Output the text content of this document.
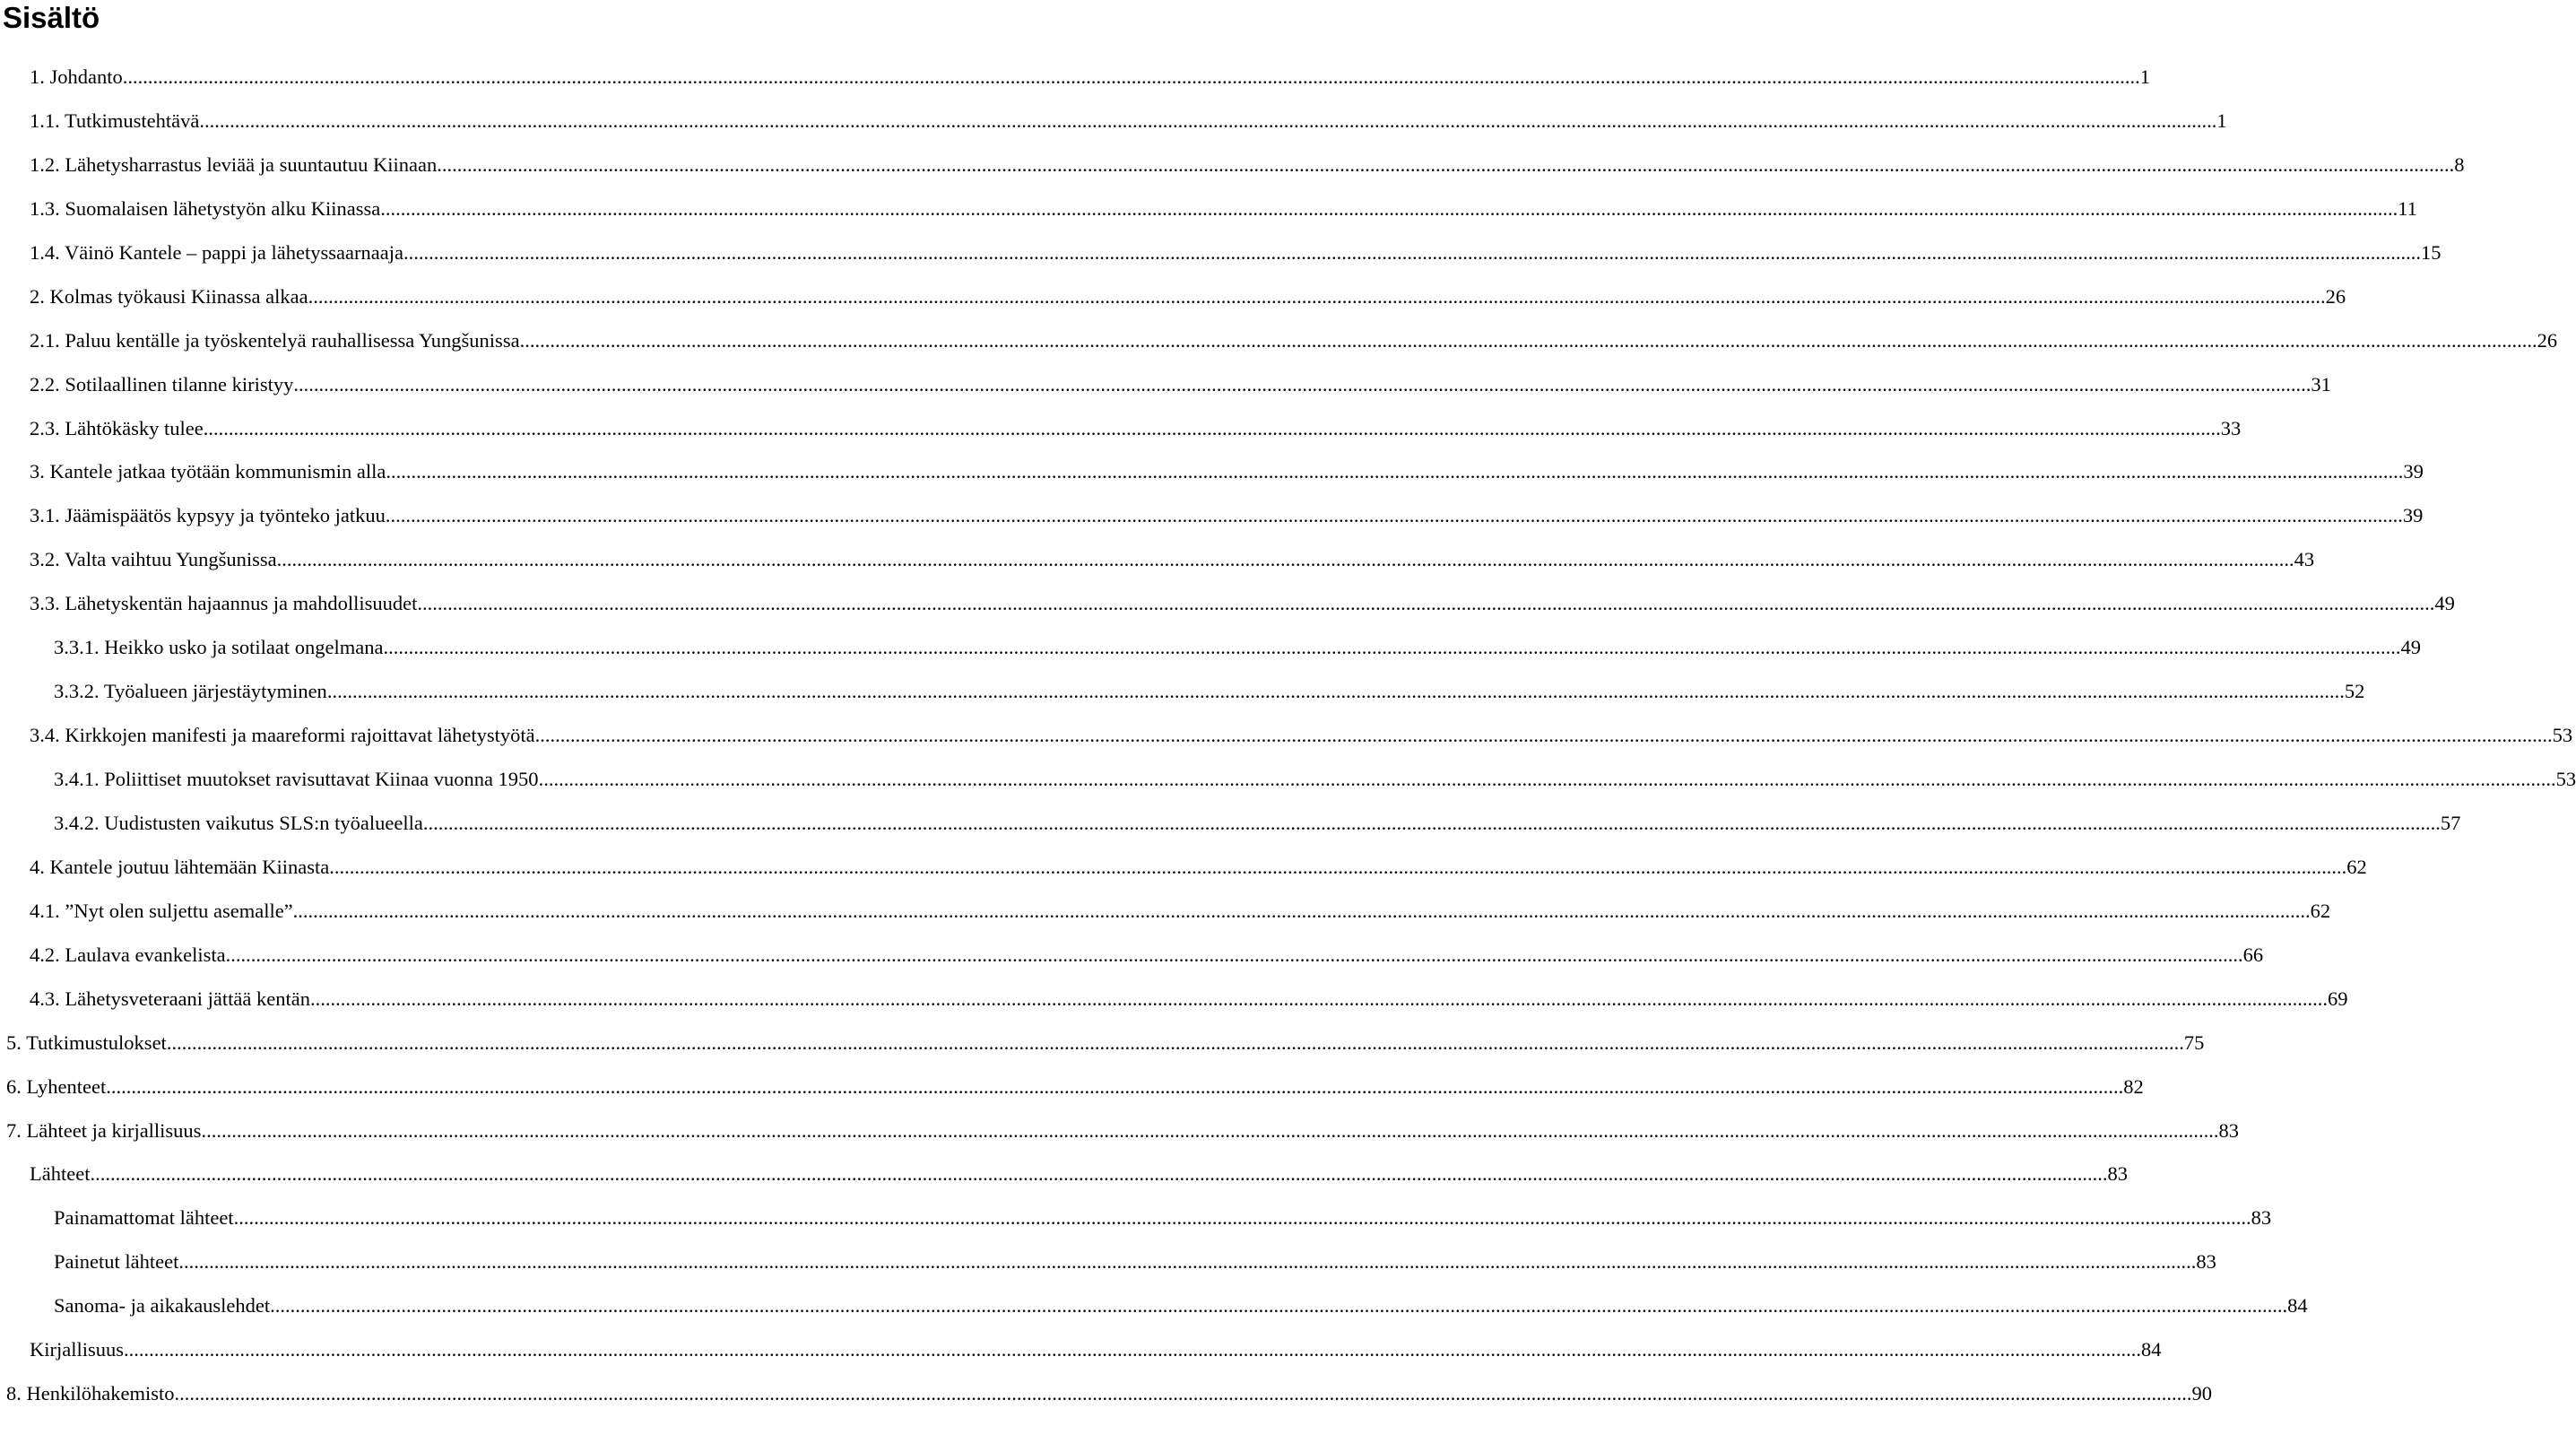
Sisältö
1. Johdanto ................................................................................................................................................................................................................................................................................................................................................................................................................ 1
1.1. Tutkimustehtävä ................................................................................................................................................................................................................................................................................................................................................................................................................ 1
1.2. Lähetysharrastus leviää ja suuntautuu Kiinaan ................................................................................................................................................................................................................................................................................................................................................................................................................ 8
1.3. Suomalaisen lähetystyön alku Kiinassa ................................................................................................................................................................................................................................................................................................................................................................................................................ 11
1.4. Väinö Kantele – pappi ja lähetyssaarnaaja ................................................................................................................................................................................................................................................................................................................................................................................................................ 15
2. Kolmas työkausi Kiinassa alkaa ................................................................................................................................................................................................................................................................................................................................................................................................................ 26
2.1. Paluu kentälle ja työskentelyä rauhallisessa Yungšunissa ................................................................................................................................................................................................................................................................................................................................................................................................................ 26
2.2. Sotilaallinen tilanne kiristyy ................................................................................................................................................................................................................................................................................................................................................................................................................ 31
2.3. Lähtökäsky tulee ................................................................................................................................................................................................................................................................................................................................................................................................................ 33
3. Kantele jatkaa työtään kommunismin alla ................................................................................................................................................................................................................................................................................................................................................................................................................ 39
3.1. Jäämispäätös kypsyy ja työnteko jatkuu ................................................................................................................................................................................................................................................................................................................................................................................................................ 39
3.2. Valta vaihtuu Yungšunissa ................................................................................................................................................................................................................................................................................................................................................................................................................ 43
3.3. Lähetyskentän hajaannus ja mahdollisuudet ................................................................................................................................................................................................................................................................................................................................................................................................................ 49
3.3.1. Heikko usko ja sotilaat ongelmana ................................................................................................................................................................................................................................................................................................................................................................................................................ 49
3.3.2. Työalueen järjestäytyminen ................................................................................................................................................................................................................................................................................................................................................................................................................ 52
3.4. Kirkkojen manifesti ja maareformi rajoittavat lähetystyötä ................................................................................................................................................................................................................................................................................................................................................................................................................ 53
3.4.1. Poliittiset muutokset ravisuttavat Kiinaa vuonna 1950 ................................................................................................................................................................................................................................................................................................................................................................................................................ 53
3.4.2. Uudistusten vaikutus SLS:n työalueella ................................................................................................................................................................................................................................................................................................................................................................................................................ 57
4. Kantele joutuu lähtemään Kiinasta ................................................................................................................................................................................................................................................................................................................................................................................................................ 62
4.1. ”Nyt olen suljettu asemalle” ................................................................................................................................................................................................................................................................................................................................................................................................................ 62
4.2. Laulava evankelista ................................................................................................................................................................................................................................................................................................................................................................................................................ 66
4.3. Lähetysveteraani jättää kentän ................................................................................................................................................................................................................................................................................................................................................................................................................ 69
5. Tutkimustulokset ................................................................................................................................................................................................................................................................................................................................................................................................................ 75
6. Lyhenteet ................................................................................................................................................................................................................................................................................................................................................................................................................ 82
7. Lähteet ja kirjallisuus ................................................................................................................................................................................................................................................................................................................................................................................................................ 83
Lähteet ................................................................................................................................................................................................................................................................................................................................................................................................................ 83
Painamattomat lähteet ................................................................................................................................................................................................................................................................................................................................................................................................................ 83
Painetut lähteet ................................................................................................................................................................................................................................................................................................................................................................................................................ 83
Sanoma- ja aikakauslehdet ................................................................................................................................................................................................................................................................................................................................................................................................................ 84
Kirjallisuus ................................................................................................................................................................................................................................................................................................................................................................................................................ 84
8. Henkilöhakemisto ................................................................................................................................................................................................................................................................................................................................................................................................................ 90
